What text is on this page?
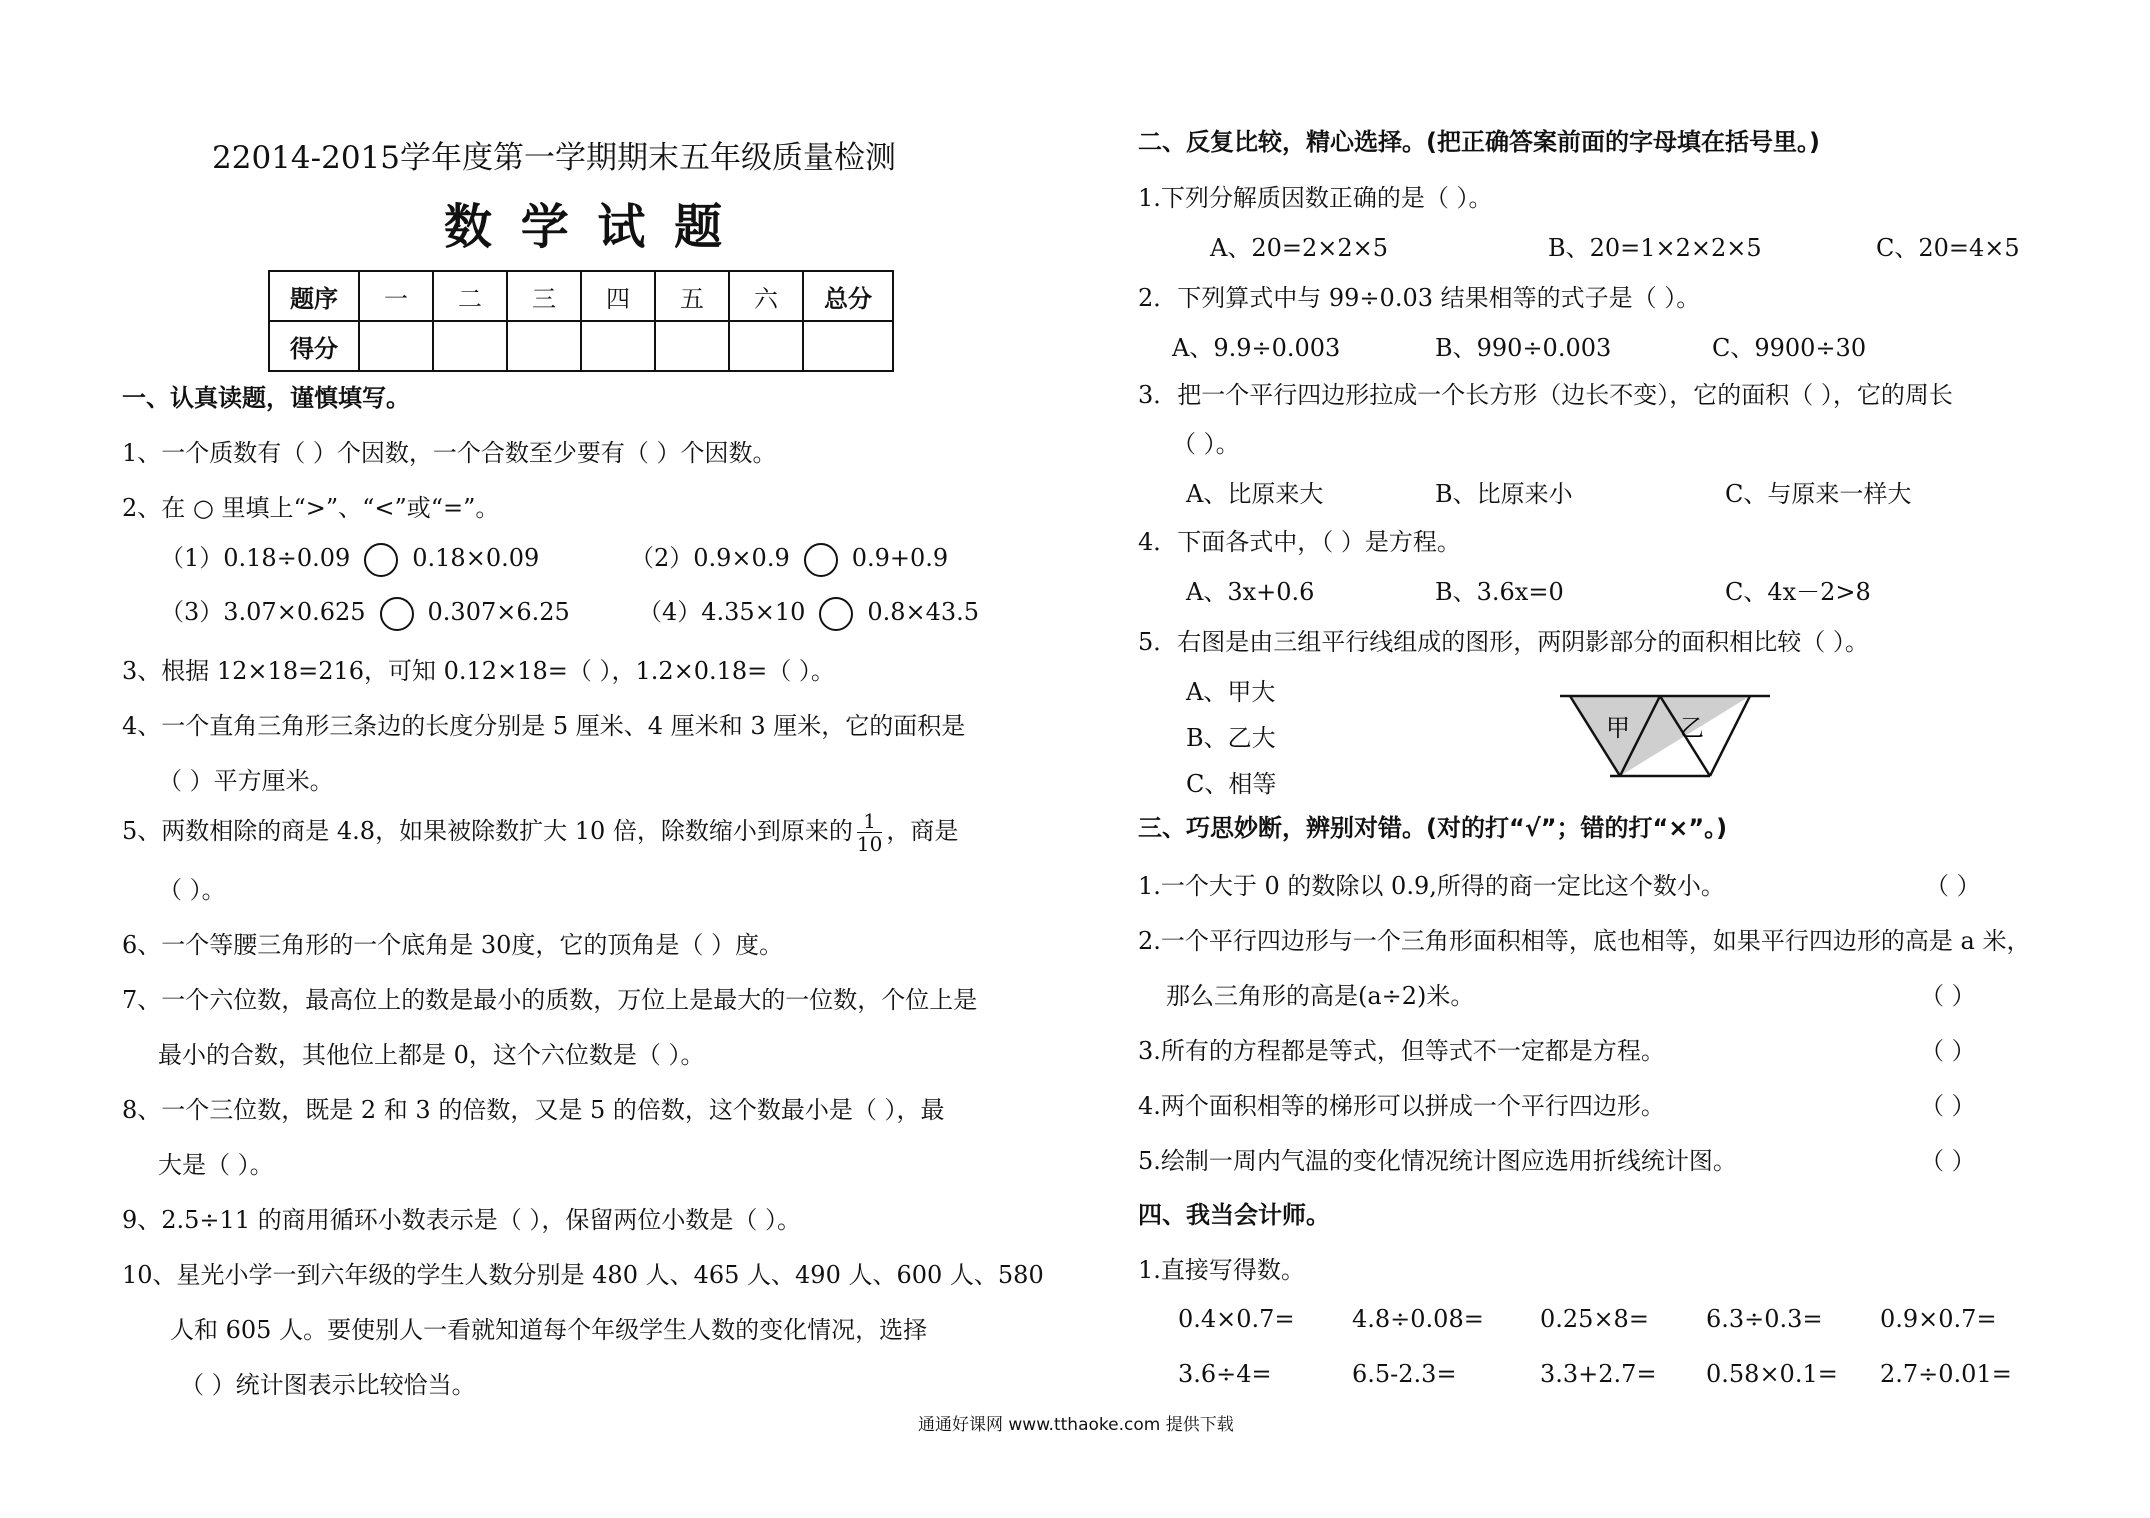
22014-2015学年度第一学期期末五年级质量检测
数 学 试 题
题序	一	二	三	四	五	六	总分
得分							
一、认真读题，谨慎填写。
1、一个质数有（ ）个因数，一个合数至少要有（ ）个因数。
2、在 ○ 里填上“>”、“<”或“=”。
（1）0.18÷0.09	0.18×0.09	（2）0.9×0.9	0.9+0.9
（3）3.07×0.625	0.307×6.25	（4）4.35×10	0.8×43.5
3、根据 12×18=216，可知 0.12×18=（ ），1.2×0.18=（ ）。
4、一个直角三角形三条边的长度分别是 5 厘米、4 厘米和 3 厘米，它的面积是
（ ）平方厘米。
5、两数相除的商是 4.8，如果被除数扩大 10 倍，除数缩小到原来的 $\frac{1}{10}$ ，商是
（ ）。
6、一个等腰三角形的一个底角是 30度，它的顶角是（ ）度。
7、一个六位数，最高位上的数是最小的质数，万位上是最大的一位数，个位上是
最小的合数，其他位上都是 0，这个六位数是（ ）。
8、一个三位数，既是 2 和 3 的倍数，又是 5 的倍数，这个数最小是（ ），最
大是（ ）。
9、2.5÷11 的商用循环小数表示是（ ），保留两位小数是（ ）。
10、星光小学一到六年级的学生人数分别是 480 人、465 人、490 人、600 人、580
人和 605 人。要使别人一看就知道每个年级学生人数的变化情况，选择
（ ）统计图表示比较恰当。
二、反复比较，精心选择。(把正确答案前面的字母填在括号里。)
1.下列分解质因数正确的是（ ）。
A、20=2×2×5	B、20=1×2×2×5	C、20=4×5
2．下列算式中与 99÷0.03 结果相等的式子是（ ）。
A、9.9÷0.003	B、990÷0.003	C、9900÷30
3．把一个平行四边形拉成一个长方形（边长不变），它的面积（ ），它的周长
（ ）。
A、比原来大	B、比原来小	C、与原来一样大
4．下面各式中，（ ）是方程。
A、3x+0.6	B、3.6x=0	C、4x－2>8
5．右图是由三组平行线组成的图形，两阴影部分的面积相比较（ ）。
A、甲大
B、乙大
C、相等
甲 乙
三、巧思妙断，辨别对错。(对的打“√”；错的打“×”。)
1.一个大于 0 的数除以 0.9,所得的商一定比这个数小。	（ ）
2.一个平行四边形与一个三角形面积相等，底也相等，如果平行四边形的高是 a 米，
那么三角形的高是(a÷2)米。	（ ）
3.所有的方程都是等式，但等式不一定都是方程。	（ ）
4.两个面积相等的梯形可以拼成一个平行四边形。	（ ）
5.绘制一周内气温的变化情况统计图应选用折线统计图。	（ ）
四、我当会计师。
1.直接写得数。
0.4×0.7= 4.8÷0.08= 0.25×8= 6.3÷0.3= 0.9×0.7=
3.6÷4=	6.5-2.3=	3.3+2.7= 0.58×0.1= 2.7÷0.01=
通通好课网 www.tthaoke.com 提供下载
